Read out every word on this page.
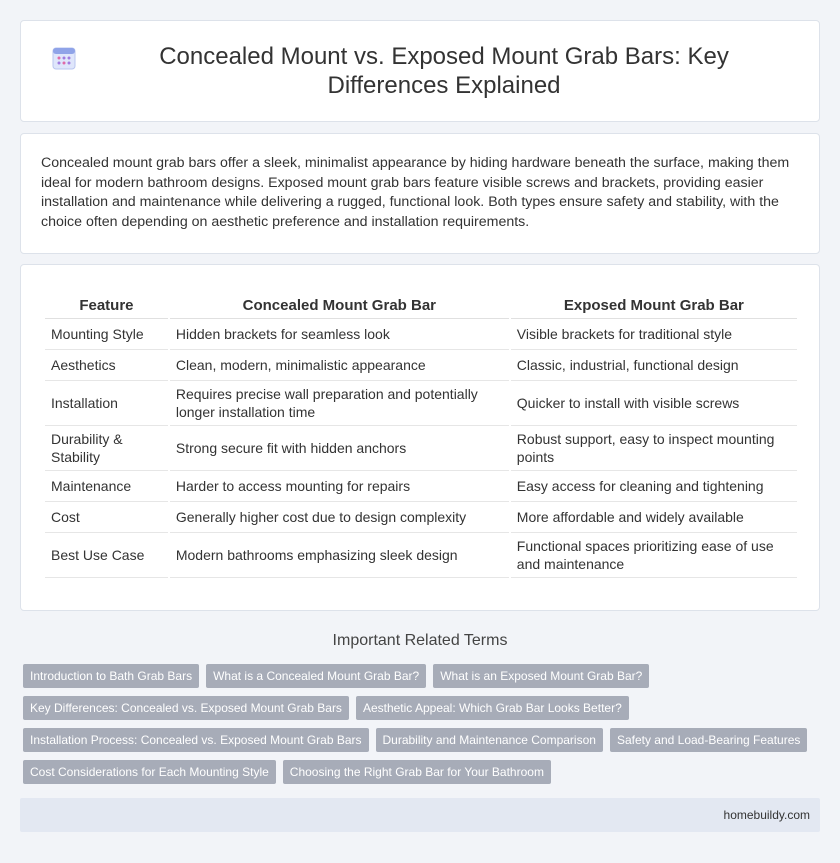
Concealed Mount vs. Exposed Mount Grab Bars: Key Differences Explained

Concealed mount grab bars offer a sleek, minimalist appearance by hiding hardware beneath the surface, making them ideal for modern bathroom designs. Exposed mount grab bars feature visible screws and brackets, providing easier installation and maintenance while delivering a rugged, functional look. Both types ensure safety and stability, with the choice often depending on aesthetic preference and installation requirements.

Feature	Concealed Mount Grab Bar	Exposed Mount Grab Bar
Mounting Style	Hidden brackets for seamless look	Visible brackets for traditional style
Aesthetics	Clean, modern, minimalistic appearance	Classic, industrial, functional design
Installation	Requires precise wall preparation and potentially longer installation time	Quicker to install with visible screws
Durability & Stability	Strong secure fit with hidden anchors	Robust support, easy to inspect mounting points
Maintenance	Harder to access mounting for repairs	Easy access for cleaning and tightening
Cost	Generally higher cost due to design complexity	More affordable and widely available
Best Use Case	Modern bathrooms emphasizing sleek design	Functional spaces prioritizing ease of use and maintenance
Important Related Terms
Introduction to Bath Grab Bars	What is a Concealed Mount Grab Bar?	What is an Exposed Mount Grab Bar?
Key Differences: Concealed vs. Exposed Mount Grab Bars	Aesthetic Appeal: Which Grab Bar Looks Better?
Installation Process: Concealed vs. Exposed Mount Grab Bars	Durability and Maintenance Comparison	Safety and Load-Bearing Features
Cost Considerations for Each Mounting Style	Choosing the Right Grab Bar for Your Bathroom
homebuildy.com
